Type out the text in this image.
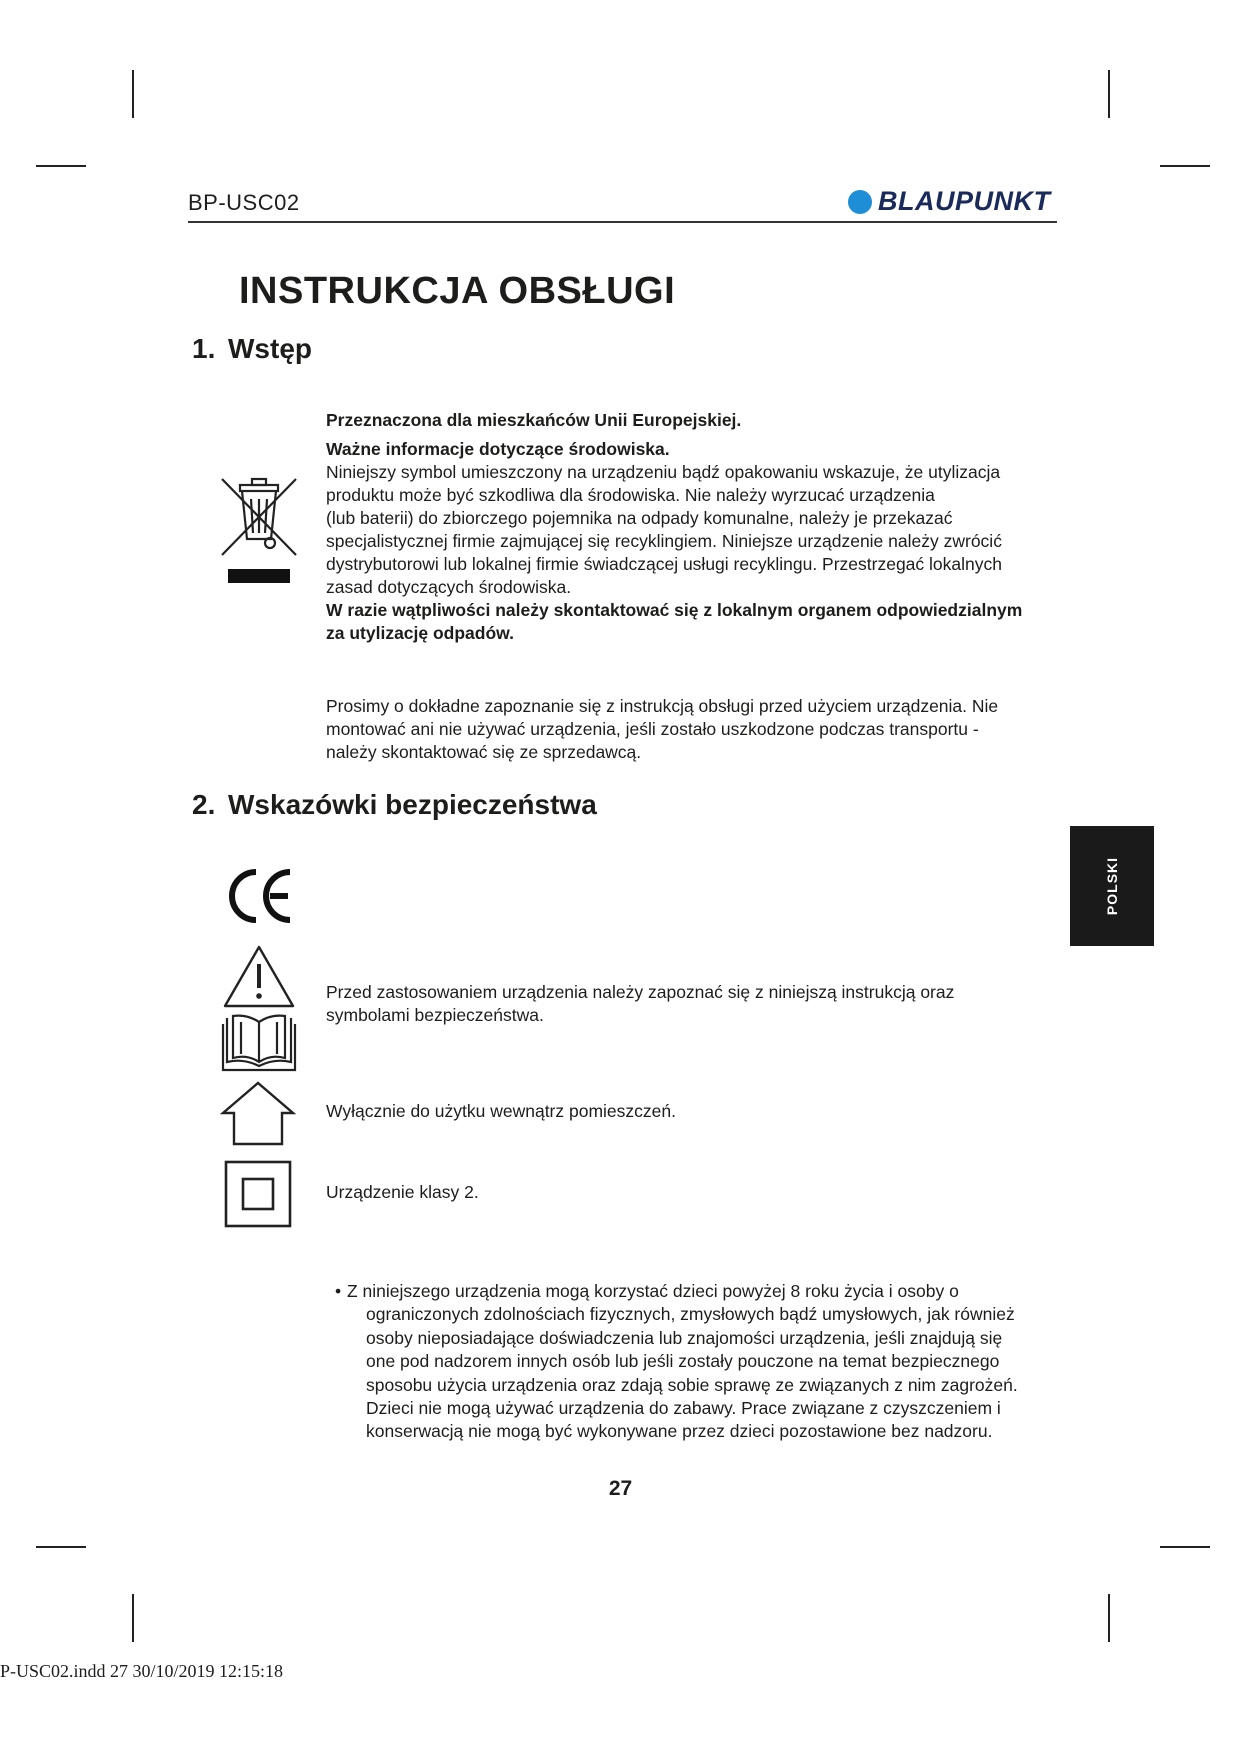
BP-USC02	BLAUPUNKT
INSTRUKCJA OBSŁUGI
1. Wstęp

Przeznaczona dla mieszkańców Unii Europejskiej.

Ważne informacje dotyczące środowiska.

Niniejszy symbol umieszczony na urządzeniu bądź opakowaniu wskazuje, że utylizacja

produktu może być szkodliwa dla środowiska. Nie należy wyrzucać urządzenia

(lub baterii) do zbiorczego pojemnika na odpady komunalne, należy je przekazać

specjalistycznej firmie zajmującej się recyklingiem. Niniejsze urządzenie należy zwrócić

dystrybutorowi lub lokalnej firmie świadczącej usługi recyklingu. Przestrzegać lokalnych

zasad dotyczących środowiska.

W razie wątpliwości należy skontaktować się z lokalnym organem odpowiedzialnym

za utylizację odpadów.

Prosimy o dokładne zapoznanie się z instrukcją obsługi przed użyciem urządzenia. Nie

montować ani nie używać urządzenia, jeśli zostało uszkodzone podczas transportu -

należy skontaktować się ze sprzedawcą.

2. Wskazówki bezpieczeństwa
POLSKI

Przed zastosowaniem urządzenia należy zapoznać się z niniejszą instrukcją oraz

symbolami bezpieczeństwa.

Wyłącznie do użytku wewnątrz pomieszczeń.

Urządzenie klasy 2.

• Z niniejszego urządzenia mogą korzystać dzieci powyżej 8 roku życia i osoby o

ograniczonych zdolnościach fizycznych, zmysłowych bądź umysłowych, jak również

osoby nieposiadające doświadczenia lub znajomości urządzenia, jeśli znajdują się

one pod nadzorem innych osób lub jeśli zostały pouczone na temat bezpiecznego

sposobu użycia urządzenia oraz zdają sobie sprawę ze związanych z nim zagrożeń.

Dzieci nie mogą używać urządzenia do zabawy. Prace związane z czyszczeniem i

konserwacją nie mogą być wykonywane przez dzieci pozostawione bez nadzoru.

27
P-USC02.indd 27 30/10/2019 12:15:18
